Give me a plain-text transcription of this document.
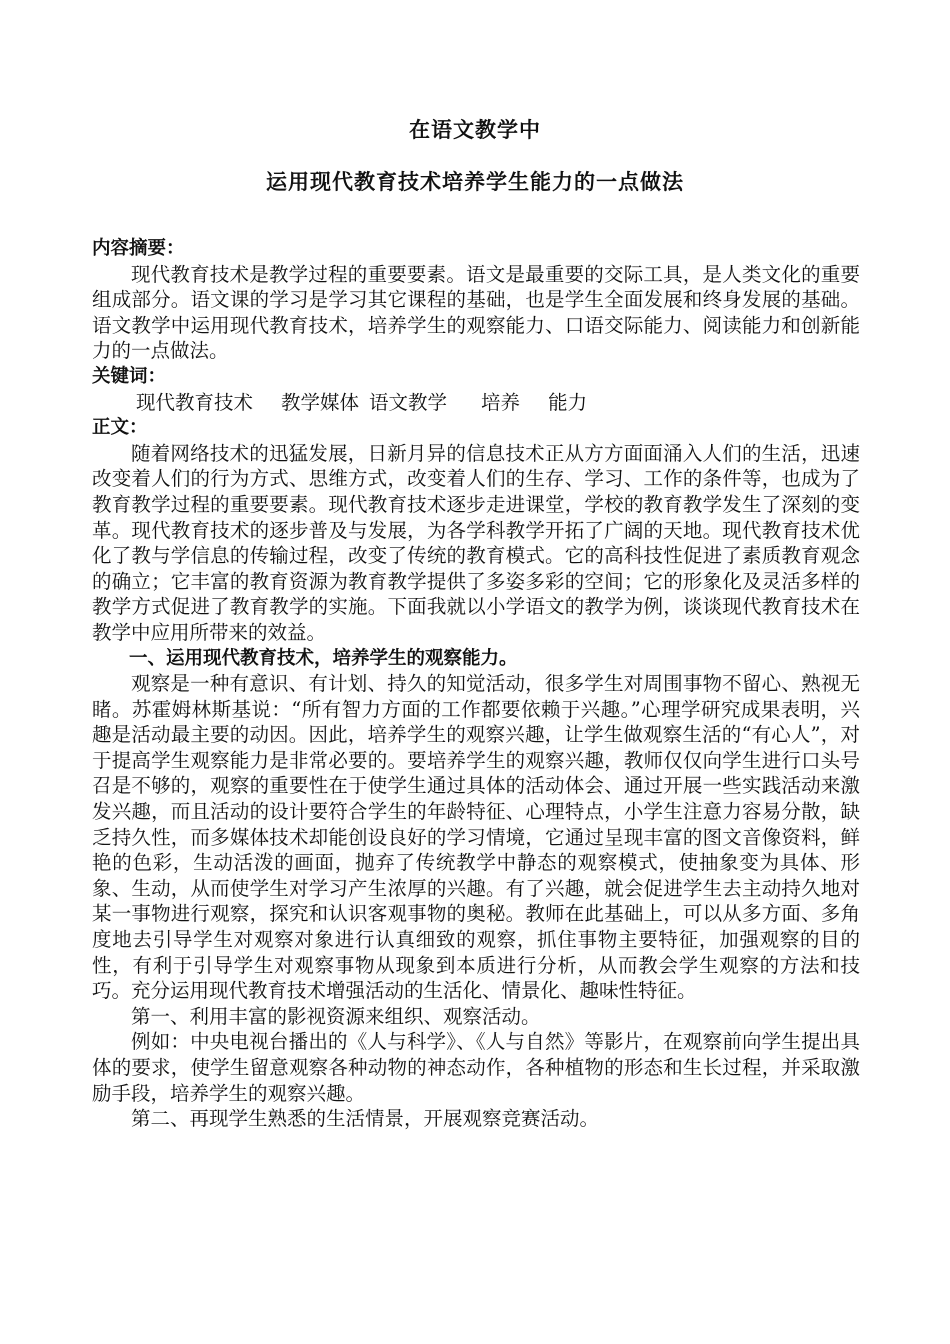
在语文教学中
运用现代教育技术培养学生能力的一点做法
内容摘要：

现代教育技术是教学过程的重要要素。语文是最重要的交际工具，是人类文化的重要组成部分。语文课的学习是学习其它课程的基础，也是学生全面发展和终身发展的基础。语文教学中运用现代教育技术，培养学生的观察能力、口语交际能力、阅读能力和创新能力的一点做法。

关键词：
现代教育技术 教学媒体 语文教学 培养 能力
正文：

随着网络技术的迅猛发展，日新月异的信息技术正从方方面面涌入人们的生活，迅速改变着人们的行为方式、思维方式，改变着人们的生存、学习、工作的条件等，也成为了教育教学过程的重要要素。现代教育技术逐步走进课堂，学校的教育教学发生了深刻的变革。现代教育技术的逐步普及与发展，为各学科教学开拓了广阔的天地。现代教育技术优化了教与学信息的传输过程，改变了传统的教育模式。它的高科技性促进了素质教育观念的确立；它丰富的教育资源为教育教学提供了多姿多彩的空间；它的形象化及灵活多样的教学方式促进了教育教学的实施。下面我就以小学语文的教学为例，谈谈现代教育技术在教学中应用所带来的效益。

一、运用现代教育技术，培养学生的观察能力。

观察是一种有意识、有计划、持久的知觉活动，很多学生对周围事物不留心、熟视无睹。苏霍姆林斯基说：“所有智力方面的工作都要依赖于兴趣。”心理学研究成果表明，兴趣是活动最主要的动因。因此，培养学生的观察兴趣，让学生做观察生活的“有心人”，对于提高学生观察能力是非常必要的。要培养学生的观察兴趣，教师仅仅向学生进行口头号召是不够的，观察的重要性在于使学生通过具体的活动体会、通过开展一些实践活动来激发兴趣，而且活动的设计要符合学生的年龄特征、心理特点，小学生注意力容易分散，缺乏持久性，而多媒体技术却能创设良好的学习情境，它通过呈现丰富的图文音像资料，鲜艳的色彩，生动活泼的画面，抛弃了传统教学中静态的观察模式，使抽象变为具体、形象、生动，从而使学生对学习产生浓厚的兴趣。有了兴趣，就会促进学生去主动持久地对某一事物进行观察，探究和认识客观事物的奥秘。教师在此基础上，可以从多方面、多角度地去引导学生对观察对象进行认真细致的观察，抓住事物主要特征，加强观察的目的性，有利于引导学生对观察事物从现象到本质进行分析，从而教会学生观察的方法和技巧。充分运用现代教育技术增强活动的生活化、情景化、趣味性特征。

第一、利用丰富的影视资源来组织、观察活动。

例如：中央电视台播出的《人与科学》、《人与自然》等影片，在观察前向学生提出具体的要求，使学生留意观察各种动物的神态动作，各种植物的形态和生长过程，并采取激励手段，培养学生的观察兴趣。

第二、再现学生熟悉的生活情景，开展观察竞赛活动。
